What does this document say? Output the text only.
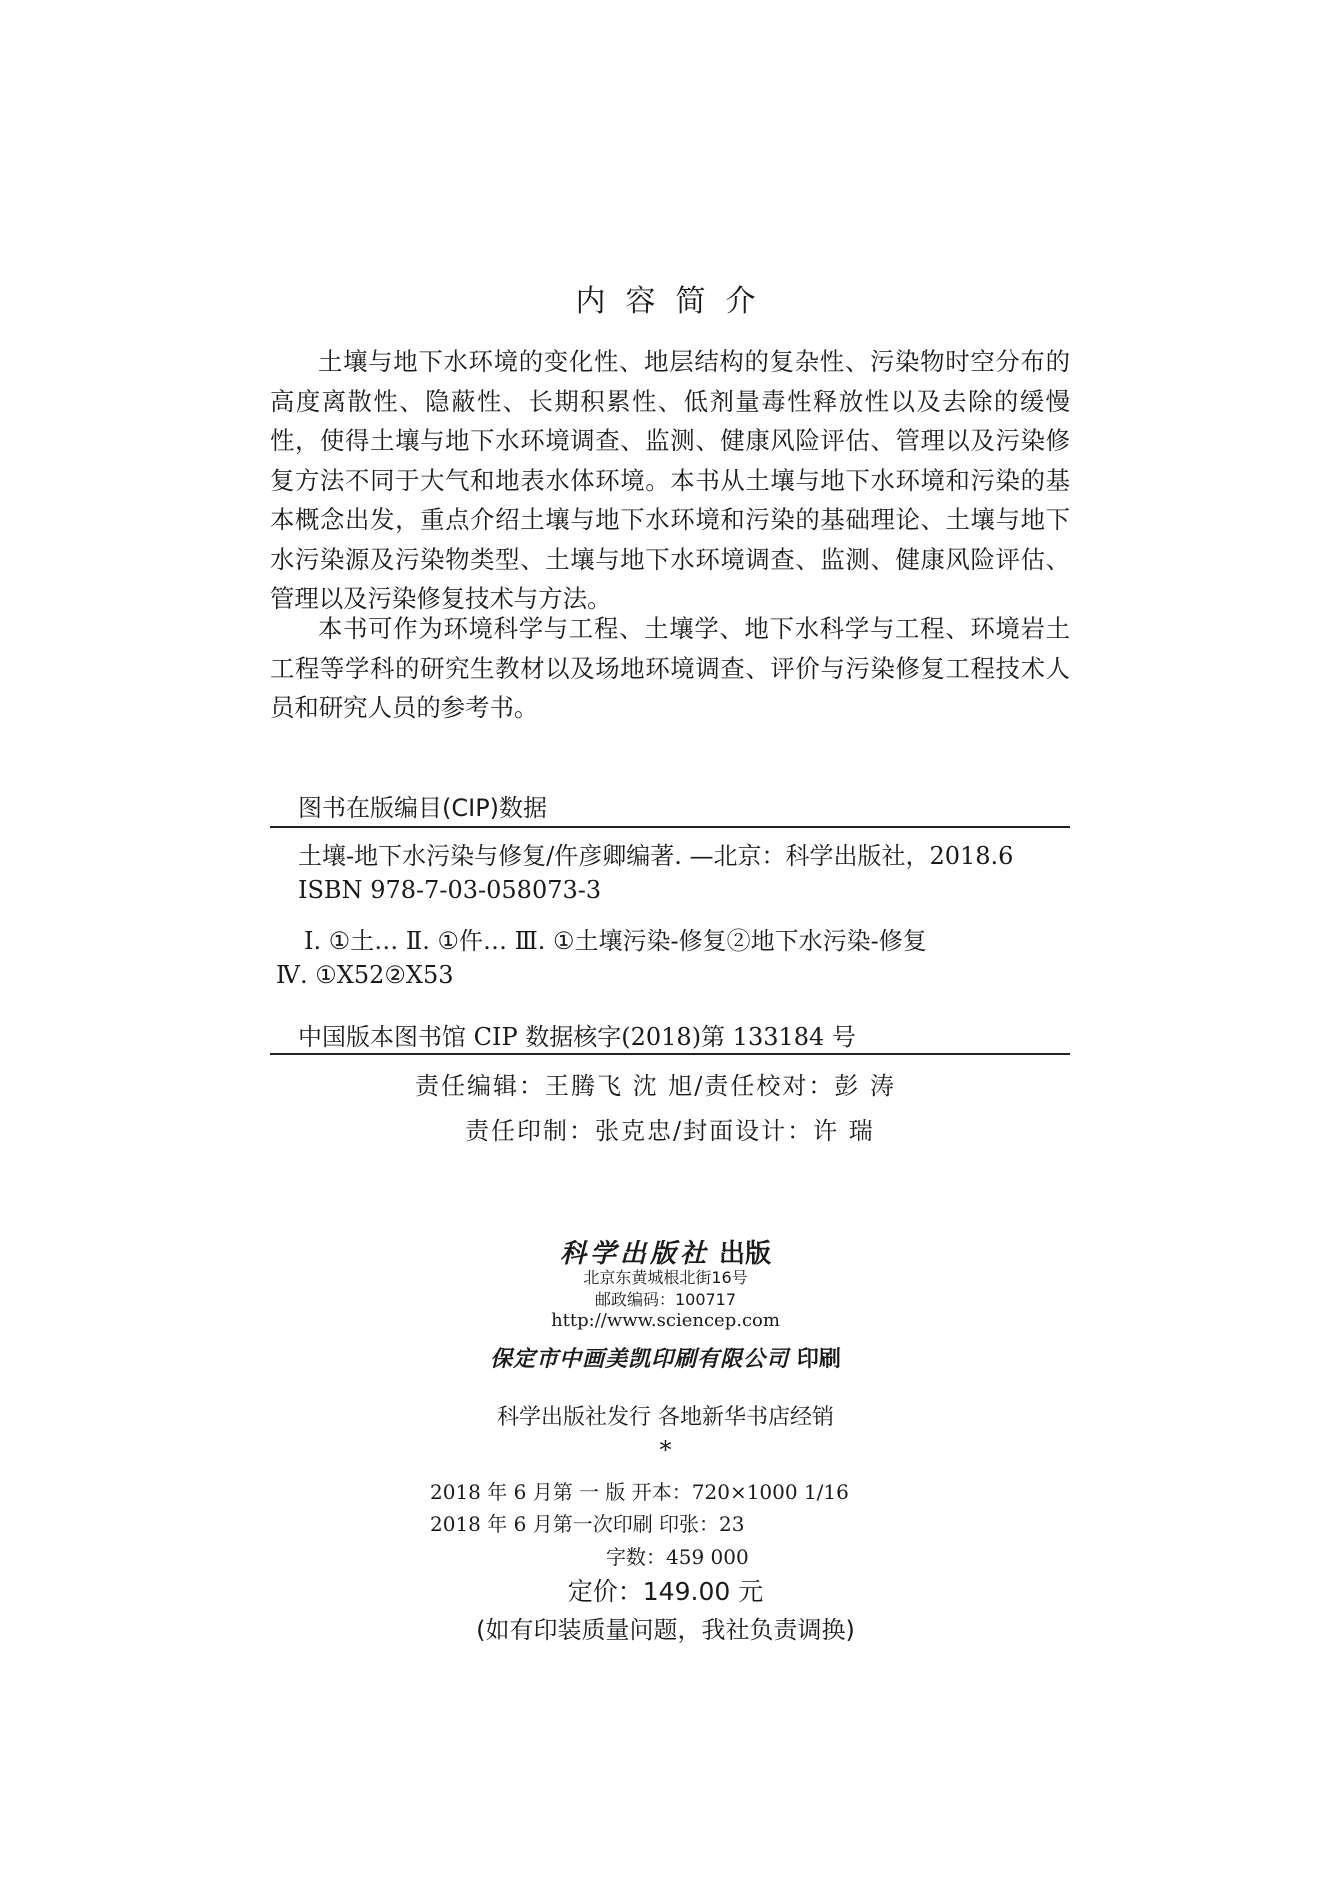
内容简介

土壤与地下水环境的变化性、地层结构的复杂性、污染物时空分布的高度离散性、隐蔽性、长期积累性、低剂量毒性释放性以及去除的缓慢性，使得土壤与地下水环境调查、监测、健康风险评估、管理以及污染修复方法不同于大气和地表水体环境。本书从土壤与地下水环境和污染的基本概念出发，重点介绍土壤与地下水环境和污染的基础理论、土壤与地下水污染源及污染物类型、土壤与地下水环境调查、监测、健康风险评估、管理以及污染修复技术与方法。

本书可作为环境科学与工程、土壤学、地下水科学与工程、环境岩土工程等学科的研究生教材以及场地环境调查、评价与污染修复工程技术人员和研究人员的参考书。

图书在版编目(CIP)数据
土壤-地下水污染与修复/仵彦卿编著. —北京：科学出版社，2018.6
ISBN 978-7-03-058073-3
Ⅰ. ①土… Ⅱ. ①仵… Ⅲ. ①土壤污染-修复②地下水污染-修复
Ⅳ. ①X52②X53
中国版本图书馆 CIP 数据核字(2018)第 133184 号
责任编辑：王腾飞 沈 旭/责任校对：彭 涛
责任印制：张克忠/封面设计：许 瑞
科学出版社 出版
北京东黄城根北街16号
邮政编码：100717
http://www.sciencep.com
保定市中画美凯印刷有限公司 印刷
科学出版社发行 各地新华书店经销
*
2018 年 6 月第 一 版 开本：720×1000 1/16
2018 年 6 月第一次印刷 印张：23
字数：459 000
定价：149.00 元
(如有印装质量问题，我社负责调换)
